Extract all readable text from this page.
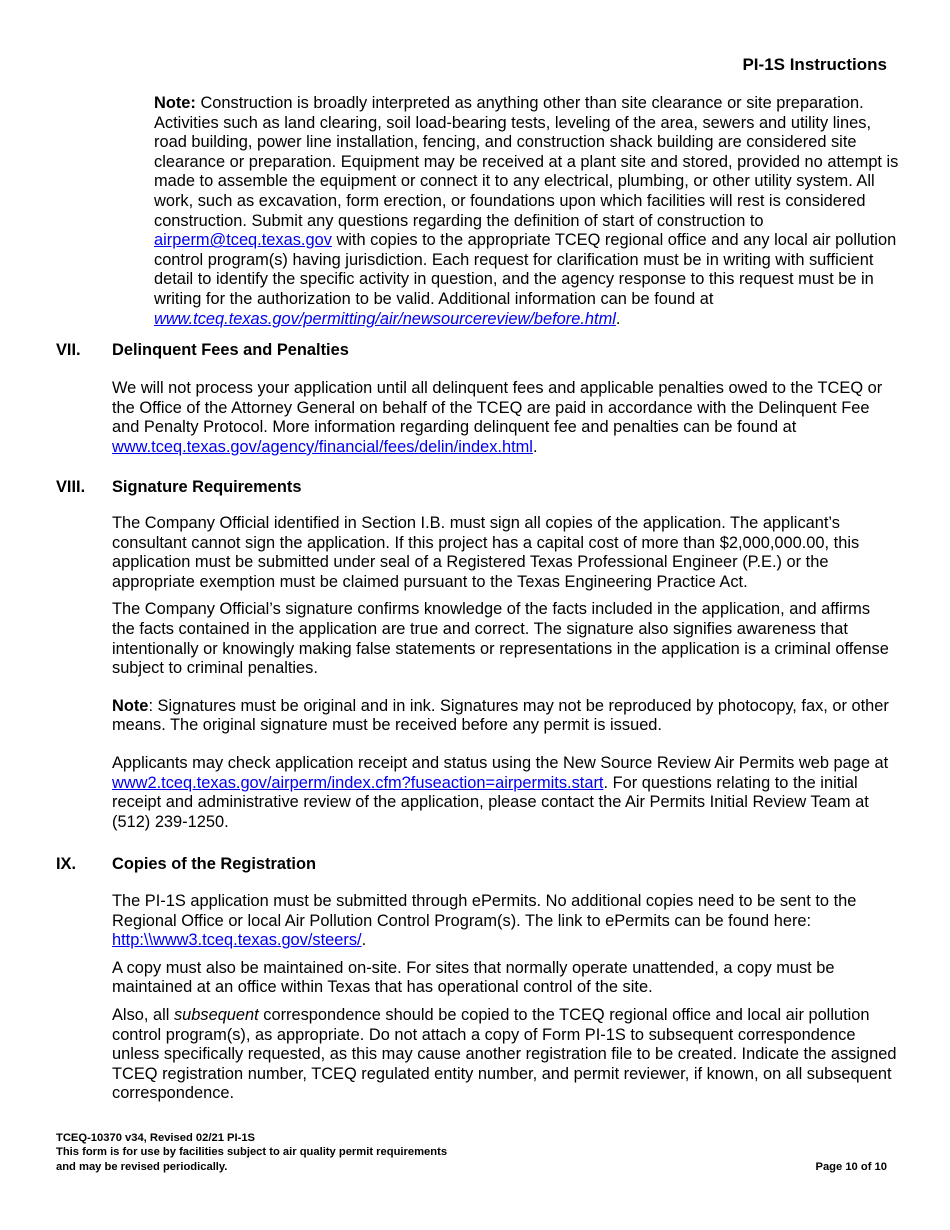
PI-1S Instructions

Note: Construction is broadly interpreted as anything other than site clearance or site preparation. Activities such as land clearing, soil load-bearing tests, leveling of the area, sewers and utility lines, road building, power line installation, fencing, and construction shack building are considered site clearance or preparation. Equipment may be received at a plant site and stored, provided no attempt is made to assemble the equipment or connect it to any electrical, plumbing, or other utility system. All work, such as excavation, form erection, or foundations upon which facilities will rest is considered construction. Submit any questions regarding the definition of start of construction to airperm@tceq.texas.gov with copies to the appropriate TCEQ regional office and any local air pollution control program(s) having jurisdiction. Each request for clarification must be in writing with sufficient detail to identify the specific activity in question, and the agency response to this request must be in writing for the authorization to be valid. Additional information can be found at www.tceq.texas.gov/permitting/air/newsourcereview/before.html.

VII. Delinquent Fees and Penalties

We will not process your application until all delinquent fees and applicable penalties owed to the TCEQ or the Office of the Attorney General on behalf of the TCEQ are paid in accordance with the Delinquent Fee and Penalty Protocol. More information regarding delinquent fee and penalties can be found at www.tceq.texas.gov/agency/financial/fees/delin/index.html.

VIII. Signature Requirements

The Company Official identified in Section I.B. must sign all copies of the application. The applicant’s consultant cannot sign the application. If this project has a capital cost of more than $2,000,000.00, this application must be submitted under seal of a Registered Texas Professional Engineer (P.E.) or the appropriate exemption must be claimed pursuant to the Texas Engineering Practice Act.

The Company Official’s signature confirms knowledge of the facts included in the application, and affirms the facts contained in the application are true and correct. The signature also signifies awareness that intentionally or knowingly making false statements or representations in the application is a criminal offense subject to criminal penalties.

Note: Signatures must be original and in ink. Signatures may not be reproduced by photocopy, fax, or other means. The original signature must be received before any permit is issued.

Applicants may check application receipt and status using the New Source Review Air Permits web page at www2.tceq.texas.gov/airperm/index.cfm?fuseaction=airpermits.start. For questions relating to the initial receipt and administrative review of the application, please contact the Air Permits Initial Review Team at (512) 239-1250.

IX. Copies of the Registration

The PI-1S application must be submitted through ePermits. No additional copies need to be sent to the Regional Office or local Air Pollution Control Program(s). The link to ePermits can be found here: http:\\www3.tceq.texas.gov/steers/.

A copy must also be maintained on-site. For sites that normally operate unattended, a copy must be maintained at an office within Texas that has operational control of the site.

Also, all subsequent correspondence should be copied to the TCEQ regional office and local air pollution control program(s), as appropriate. Do not attach a copy of Form PI-1S to subsequent correspondence unless specifically requested, as this may cause another registration file to be created. Indicate the assigned TCEQ registration number, TCEQ regulated entity number, and permit reviewer, if known, on all subsequent correspondence.

TCEQ-10370 v34, Revised 02/21 PI-1S
This form is for use by facilities subject to air quality permit requirements
and may be revised periodically.	Page 10 of 10
